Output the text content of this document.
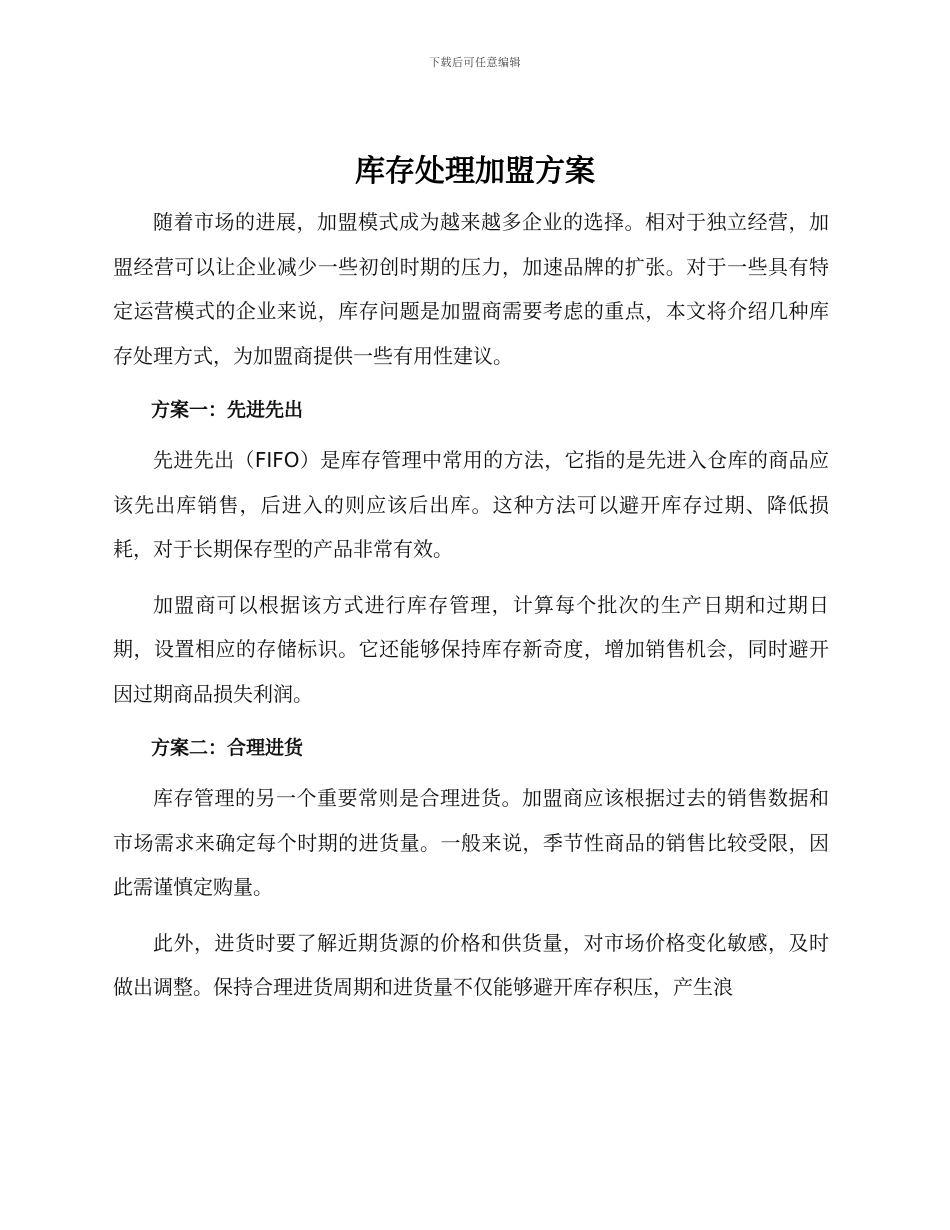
下载后可任意编辑
库存处理加盟方案

随着市场的进展，加盟模式成为越来越多企业的选择。相对于独立经营，加盟经营可以让企业减少一些初创时期的压力，加速品牌的扩张。对于一些具有特定运营模式的企业来说，库存问题是加盟商需要考虑的重点，本文将介绍几种库存处理方式，为加盟商提供一些有用性建议。

方案一：先进先出

先进先出（FIFO）是库存管理中常用的方法，它指的是先进入仓库的商品应该先出库销售，后进入的则应该后出库。这种方法可以避开库存过期、降低损耗，对于长期保存型的产品非常有效。

加盟商可以根据该方式进行库存管理，计算每个批次的生产日期和过期日期，设置相应的存储标识。它还能够保持库存新奇度，增加销售机会，同时避开因过期商品损失利润。

方案二：合理进货

库存管理的另一个重要常则是合理进货。加盟商应该根据过去的销售数据和市场需求来确定每个时期的进货量。一般来说，季节性商品的销售比较受限，因此需谨慎定购量。

此外，进货时要了解近期货源的价格和供货量，对市场价格变化敏感，及时做出调整。保持合理进货周期和进货量不仅能够避开库存积压，产生浪
